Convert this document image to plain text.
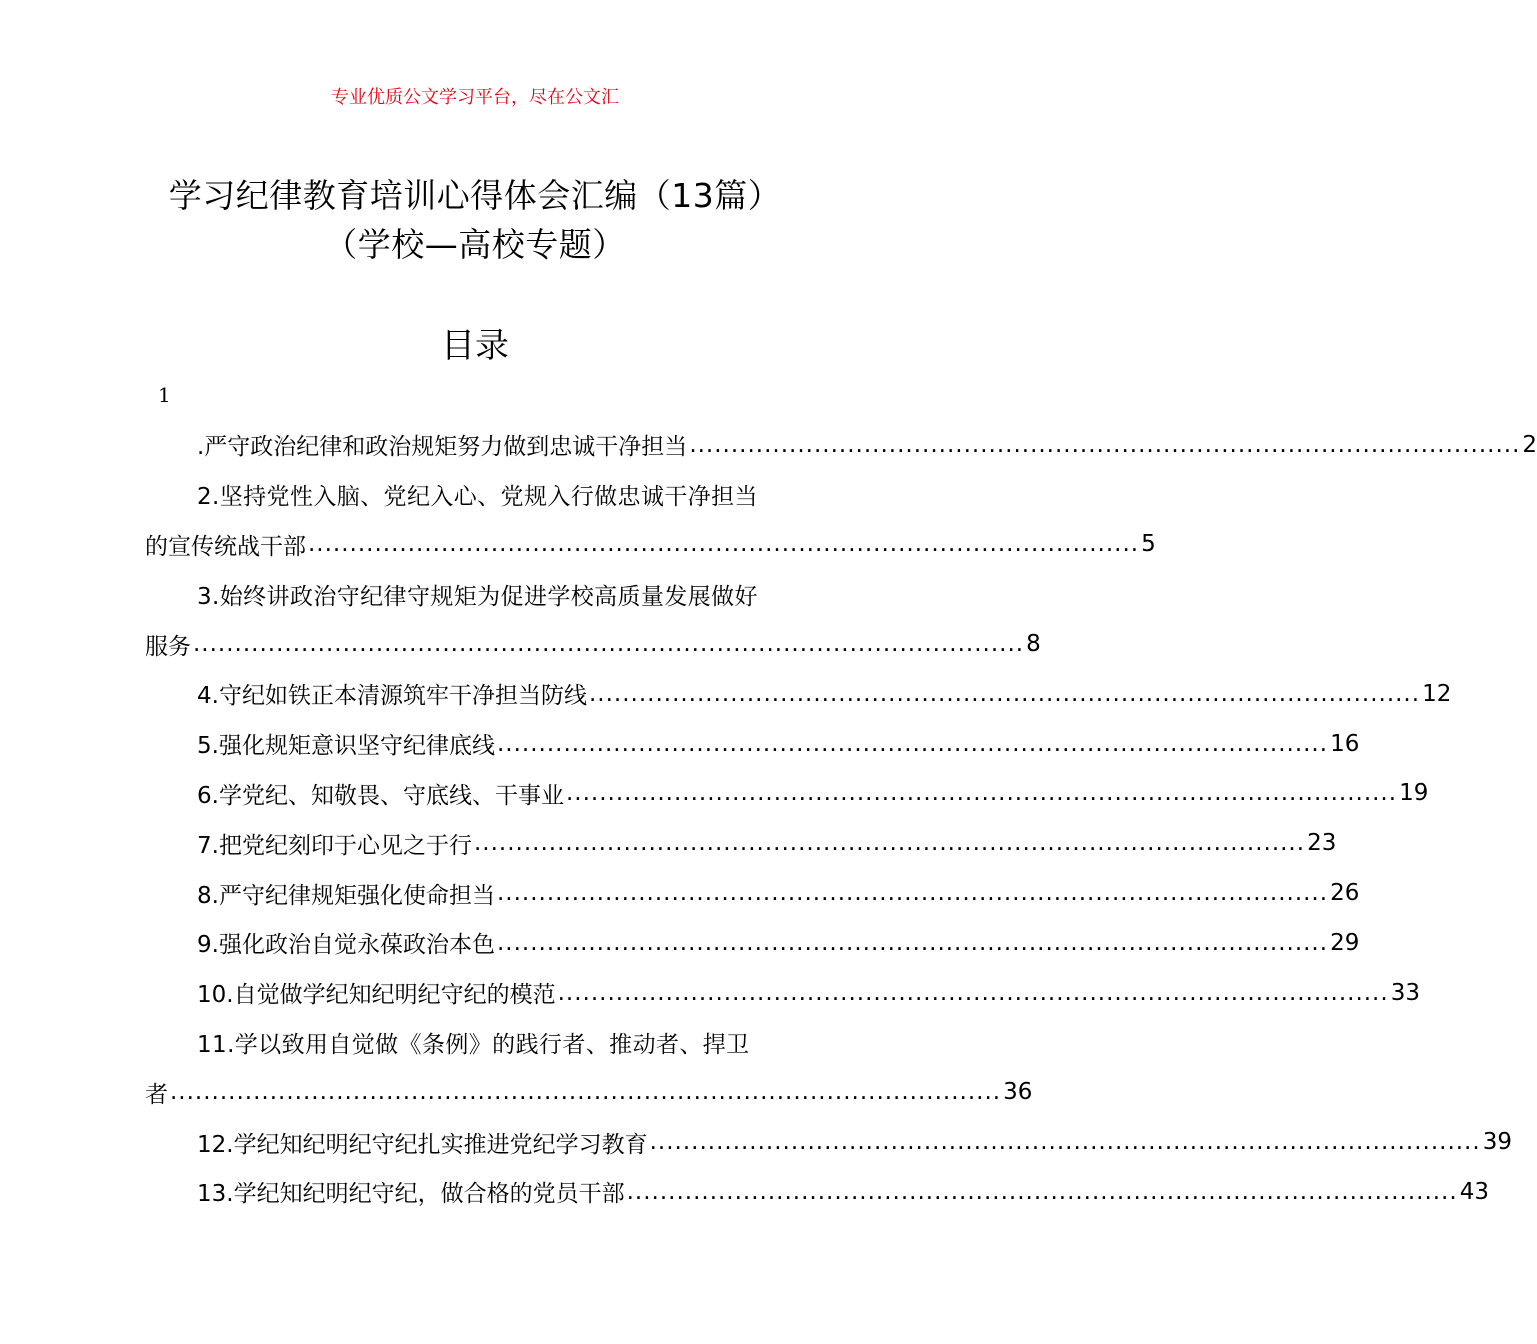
专业优质公文学习平台，尽在公文汇
学习纪律教育培训心得体会汇编（13篇）
（学校—高校专题）
目录
1
.严守政治纪律和政治规矩努力做到忠诚干净担当 .................................................................................................... 2
2.坚持党性入脑、党纪入心、党规入行做忠诚干净担当
的宣传统战干部 .................................................................................................... 5
3.始终讲政治守纪律守规矩为促进学校高质量发展做好
服务 .................................................................................................... 8
4.守纪如铁正本清源筑牢干净担当防线 .................................................................................................... 12
5.强化规矩意识坚守纪律底线 .................................................................................................... 16
6.学党纪、知敬畏、守底线、干事业 .................................................................................................... 19
7.把党纪刻印于心见之于行 .................................................................................................... 23
8.严守纪律规矩强化使命担当 .................................................................................................... 26
9.强化政治自觉永葆政治本色 .................................................................................................... 29
10.自觉做学纪知纪明纪守纪的模范 .................................................................................................... 33
11.学以致用自觉做《条例》的践行者、推动者、捍卫
者 .................................................................................................... 36
12.学纪知纪明纪守纪扎实推进党纪学习教育 .................................................................................................... 39
13.学纪知纪明纪守纪，做合格的党员干部 .................................................................................................... 43
